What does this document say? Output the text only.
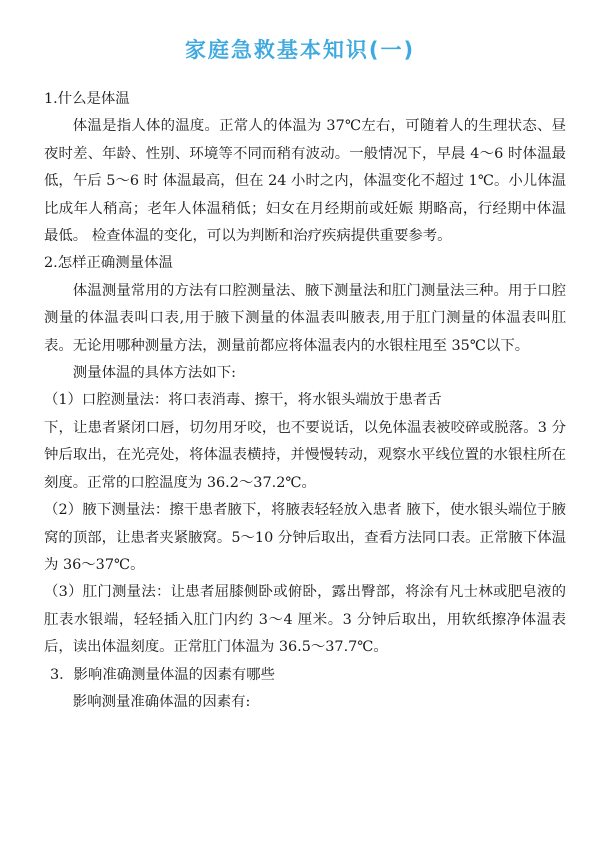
家庭急救基本知识(一)

1.什么是体温

体温是指人体的温度。正常人的体温为 37℃左右，可随着人的生理状态、昼夜时差、年龄、性别、环境等不同而稍有波动。一般情况下，早晨 4～6 时体温最低，午后 5～6 时 体温最高，但在 24 小时之内，体温变化不超过 1℃。小儿体温比成年人稍高；老年人体温稍低；妇女在月经期前或妊娠 期略高，行经期中体温最低。 检查体温的变化，可以为判断和治疗疾病提供重要参考。

2.怎样正确测量体温

体温测量常用的方法有口腔测量法、腋下测量法和肛门测量法三种。用于口腔测量的体温表叫口表,用于腋下测量的体温表叫腋表,用于肛门测量的体温表叫肛表。无论用哪种测量方法，测量前都应将体温表内的水银柱甩至 35℃以下。

测量体温的具体方法如下:

（1）口腔测量法：将口表消毒、擦干，将水银头端放于患者舌

下，让患者紧闭口唇，切勿用牙咬，也不要说话，以免体温表被咬碎或脱落。3 分钟后取出，在光亮处，将体温表横持，并慢慢转动，观察水平线位置的水银柱所在刻度。正常的口腔温度为 36.2～37.2℃。

（2）腋下测量法：擦干患者腋下，将腋表轻轻放入患者 腋下，使水银头端位于腋窝的顶部，让患者夹紧腋窝。5～10 分钟后取出，查看方法同口表。正常腋下体温为 36～37℃。

（3）肛门测量法：让患者屈膝侧卧或俯卧，露出臀部，将涂有凡士林或肥皂液的肛表水银端，轻轻插入肛门内约 3～4 厘米。3 分钟后取出，用软纸擦净体温表后，读出体温刻度。正常肛门体温为 36.5～37.7℃。

3．影响准确测量体温的因素有哪些

影响测量准确体温的因素有:
